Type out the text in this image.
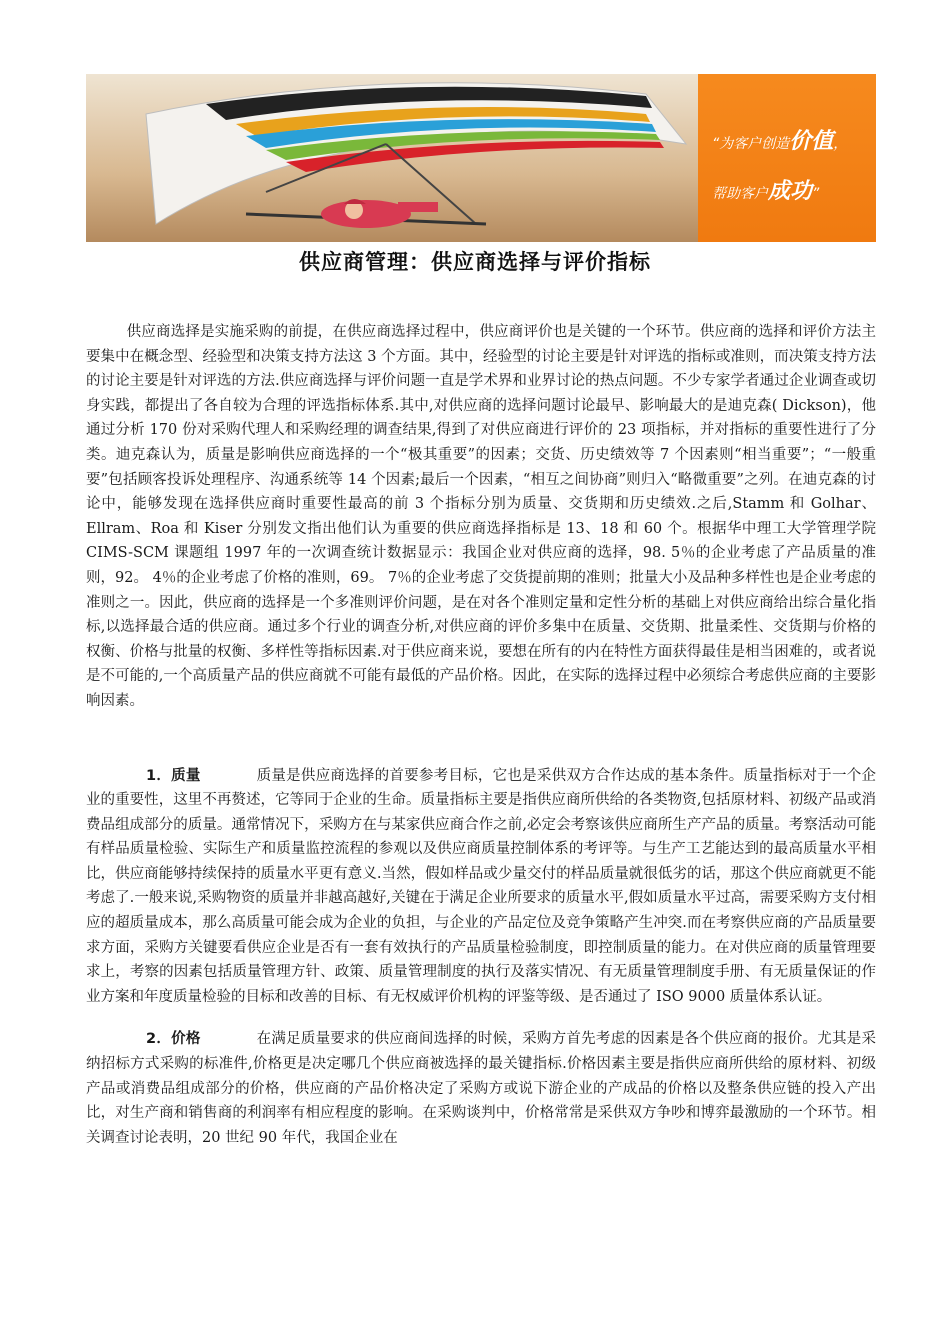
“为客户创造价值，
帮助客户成功”
供应商管理：供应商选择与评价指标

供应商选择是实施采购的前提，在供应商选择过程中，供应商评价也是关键的一个环节。供应商的选择和评价方法主要集中在概念型、经验型和决策支持方法这 3 个方面。其中，经验型的讨论主要是针对评选的指标或准则，而决策支持方法的讨论主要是针对评选的方法.供应商选择与评价问题一直是学术界和业界讨论的热点问题。不少专家学者通过企业调查或切身实践，都提出了各自较为合理的评选指标体系.其中,对供应商的选择问题讨论最早、影响最大的是迪克森( Dickson)，他通过分析 170 份对采购代理人和采购经理的调查结果,得到了对供应商进行评价的 23 项指标，并对指标的重要性进行了分类。迪克森认为，质量是影响供应商选择的一个“极其重要”的因素；交货、历史绩效等 7 个因素则“相当重要”；“一般重要”包括顾客投诉处理程序、沟通系统等 14 个因素;最后一个因素，“相互之间协商”则归入“略微重要”之列。在迪克森的讨论中，能够发现在选择供应商时重要性最高的前 3 个指标分别为质量、交货期和历史绩效.之后,Stamm 和 Golhar、Ellram、Roa 和 Kiser 分别发文指出他们认为重要的供应商选择指标是 13、18 和 60 个。根据华中理工大学管理学院 CIMS-SCM 课题组 1997 年的一次调查统计数据显示：我国企业对供应商的选择，98. 5％的企业考虑了产品质量的准则，92。 4％的企业考虑了价格的准则，69。 7％的企业考虑了交货提前期的准则；批量大小及品种多样性也是企业考虑的准则之一。因此，供应商的选择是一个多准则评价问题，是在对各个准则定量和定性分析的基础上对供应商给出综合量化指标,以选择最合适的供应商。通过多个行业的调查分析,对供应商的评价多集中在质量、交货期、批量柔性、交货期与价格的权衡、价格与批量的权衡、多样性等指标因素.对于供应商来说，要想在所有的内在特性方面获得最佳是相当困难的，或者说是不可能的,一个高质量产品的供应商就不可能有最低的产品价格。因此，在实际的选择过程中必须综合考虑供应商的主要影响因素。

1．质量	质量是供应商选择的首要参考目标，它也是采供双方合作达成的基本条件。质量指标对于一个企业的重要性，这里不再赘述，它等同于企业的生命。质量指标主要是指供应商所供给的各类物资,包括原材料、初级产品或消费品组成部分的质量。通常情况下，采购方在与某家供应商合作之前,必定会考察该供应商所生产产品的质量。考察活动可能有样品质量检验、实际生产和质量监控流程的参观以及供应商质量控制体系的考评等。与生产工艺能达到的最高质量水平相比，供应商能够持续保持的质量水平更有意义.当然，假如样品或少量交付的样品质量就很低劣的话，那这个供应商就更不能考虑了.一般来说,采购物资的质量并非越高越好,关键在于满足企业所要求的质量水平,假如质量水平过高，需要采购方支付相应的超质量成本，那么高质量可能会成为企业的负担，与企业的产品定位及竞争策略产生冲突.而在考察供应商的产品质量要求方面，采购方关键要看供应企业是否有一套有效执行的产品质量检验制度，即控制质量的能力。在对供应商的质量管理要求上，考察的因素包括质量管理方针、政策、质量管理制度的执行及落实情况、有无质量管理制度手册、有无质量保证的作业方案和年度质量检验的目标和改善的目标、有无权威评价机构的评鉴等级、是否通过了 ISO 9000 质量体系认证。

2．价格	在满足质量要求的供应商间选择的时候，采购方首先考虑的因素是各个供应商的报价。尤其是采纳招标方式采购的标准件,价格更是决定哪几个供应商被选择的最关键指标.价格因素主要是指供应商所供给的原材料、初级产品或消费品组成部分的价格，供应商的产品价格决定了采购方或说下游企业的产成品的价格以及整条供应链的投入产出比，对生产商和销售商的利润率有相应程度的影响。在采购谈判中，价格常常是采供双方争吵和博弈最激励的一个环节。相关调查讨论表明，20 世纪 90 年代，我国企业在
